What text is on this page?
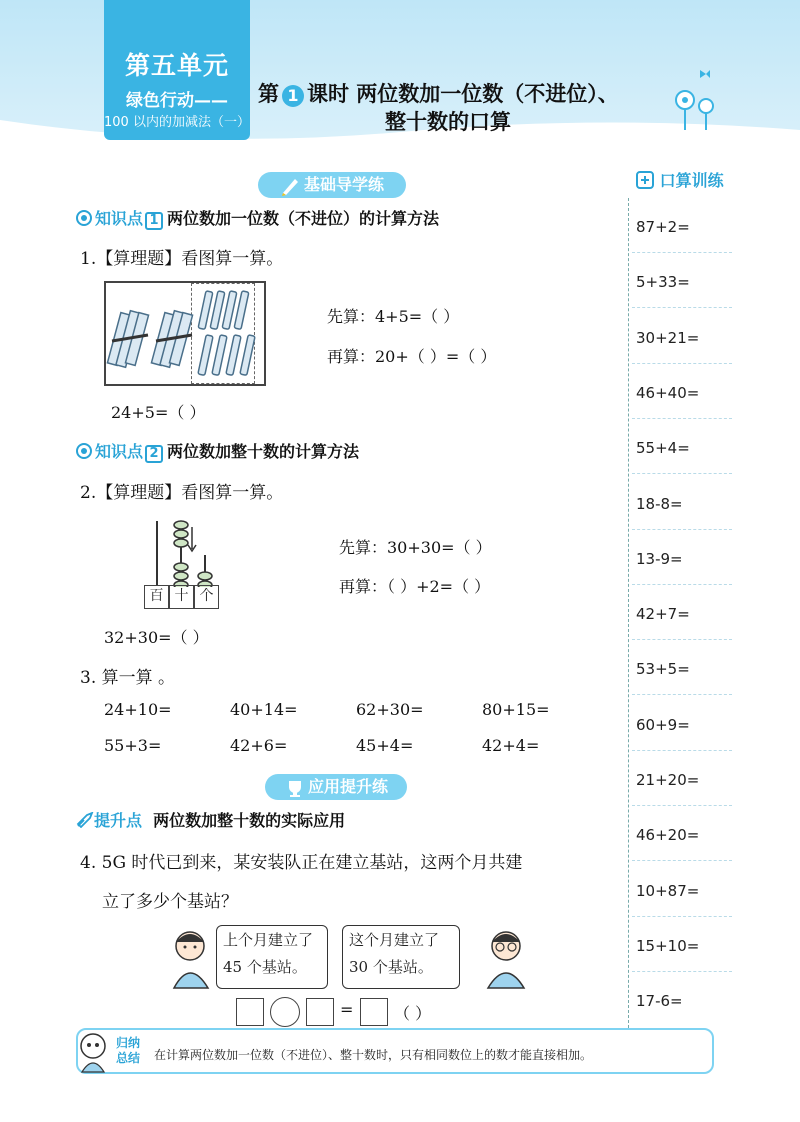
第五单元
绿色行动——
100 以内的加减法（一）
第 1 课时 两位数加一位数（不进位）、
整十数的口算
基础导学练	口算训练
87+2=
5+33=
30+21=
46+40=
55+4=
18-8=
13-9=
42+7=
53+5=
60+9=
21+20=
46+20=
10+87=
15+10=
17-6=
知识点 1 两位数加一位数（不进位）的计算方法
1.【算理题】看图算一算。
先算：4+5=（ ）
再算：20+（ ）=（ ）
24+5=（ ）
知识点 2 两位数加整十数的计算方法
2.【算理题】看图算一算。
百 十 个
先算：30+30=（ ）
再算：（ ）+2=（ ）
32+30=（ ）
3. 算一算 。
24+10=	40+14=	62+30=	80+15=
55+3=	42+6=	45+4=	42+4=
应用提升练
提升点 两位数加整十数的实际应用
4. 5G 时代已到来，某安装队正在建立基站，这两个月共建
立了多少个基站？
上个月建立了
45 个基站。
这个月建立了
30 个基站。
=	（ ）
归纳
总结	在计算两位数加一位数（不进位）、整十数时，只有相同数位上的数才能直接相加。
